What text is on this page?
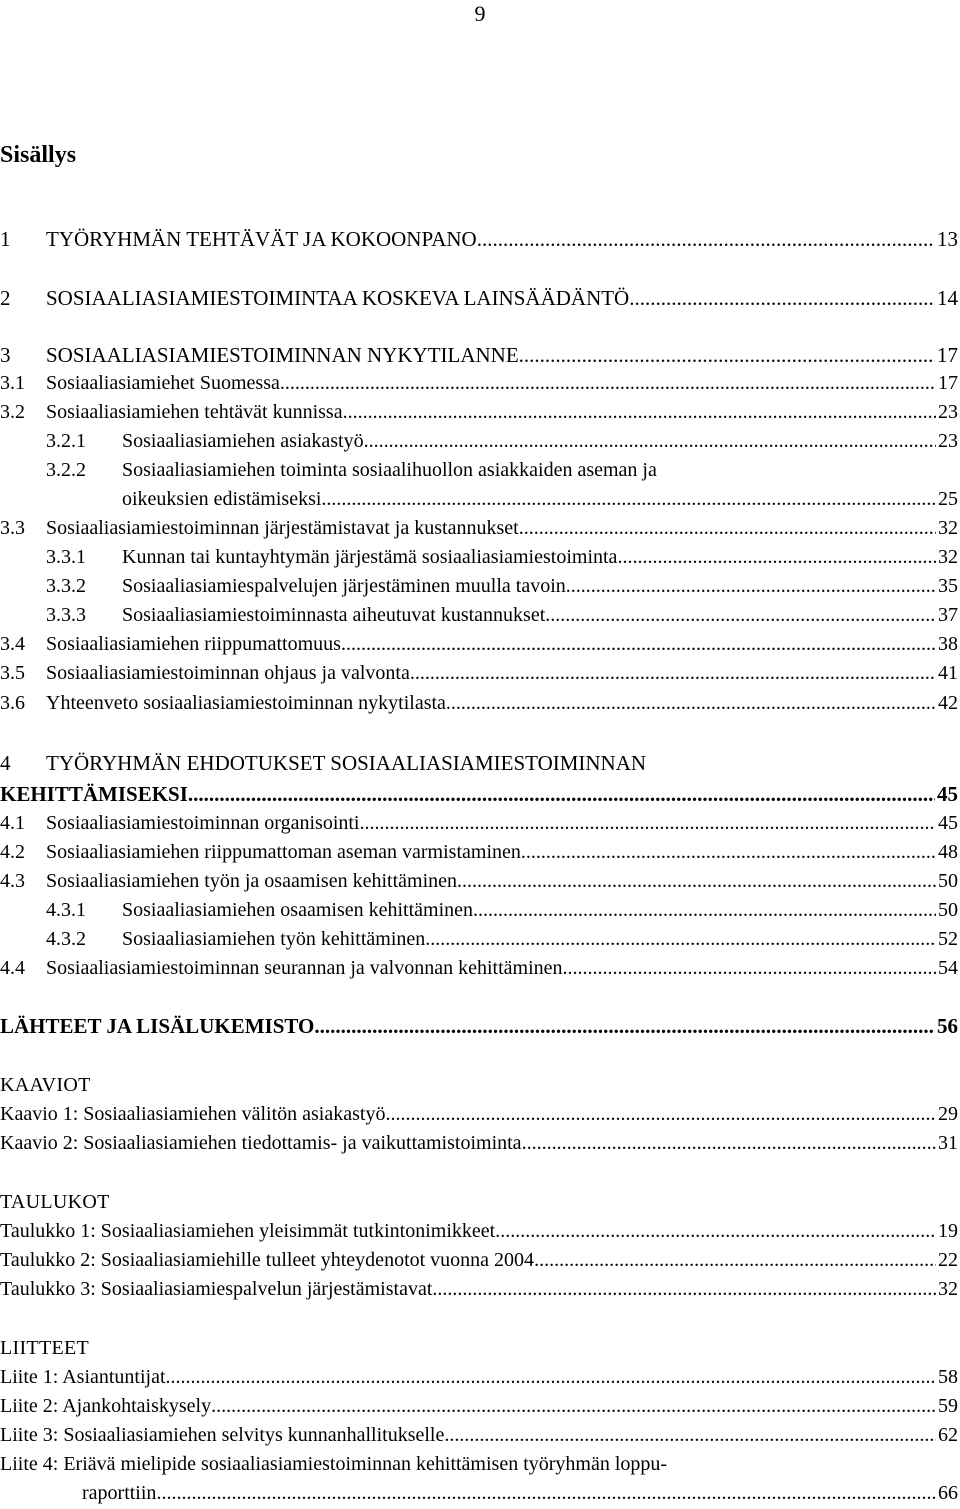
9
Sisällys
1	TYÖRYHMÄN TEHTÄVÄT JA KOKOONPANO .....	13
2	SOSIAALIASIAMIESTOIMINTAA KOSKEVA LAINSÄÄDÄNTÖ .....	14
3	SOSIAALIASIAMIESTOIMINNAN NYKYTILANNE .....	17
3.1	Sosiaaliasiamiehet Suomessa .....	17
3.2	Sosiaaliasiamiehen tehtävät kunnissa .....	23
3.2.1	Sosiaaliasiamiehen asiakastyö .....	23
3.2.2 Sosiaaliasiamiehen toiminta sosiaalihuollon asiakkaiden aseman ja
oikeuksien edistämiseksi .....	25
3.3	Sosiaaliasiamiestoiminnan järjestämistavat ja kustannukset .....	32
3.3.1	Kunnan tai kuntayhtymän järjestämä sosiaaliasiamiestoiminta .....	32
3.3.2	Sosiaaliasiamiespalvelujen järjestäminen muulla tavoin .....	35
3.3.3	Sosiaaliasiamiestoiminnasta aiheutuvat kustannukset .....	37
3.4	Sosiaaliasiamiehen riippumattomuus .....	38
3.5	Sosiaaliasiamiestoiminnan ohjaus ja valvonta .....	41
3.6	Yhteenveto sosiaaliasiamiestoiminnan nykytilasta .....	42
4 TYÖRYHMÄN EHDOTUKSET SOSIAALIASIAMIESTOIMINNAN
KEHITTÄMISEKSI .....	45
4.1	Sosiaaliasiamiestoiminnan organisointi .....	45
4.2	Sosiaaliasiamiehen riippumattoman aseman varmistaminen .....	48
4.3	Sosiaaliasiamiehen työn ja osaamisen kehittäminen .....	50
4.3.1	Sosiaaliasiamiehen osaamisen kehittäminen .....	50
4.3.2	Sosiaaliasiamiehen työn kehittäminen .....	52
4.4	Sosiaaliasiamiestoiminnan seurannan ja valvonnan kehittäminen .....	54
LÄHTEET JA LISÄLUKEMISTO .....	56
KAAVIOT
Kaavio 1: Sosiaaliasiamiehen välitön asiakastyö .....	29
Kaavio 2: Sosiaaliasiamiehen tiedottamis- ja vaikuttamistoiminta .....	31
TAULUKOT
Taulukko 1: Sosiaaliasiamiehen yleisimmät tutkintonimikkeet .....	19
Taulukko 2: Sosiaaliasiamiehille tulleet yhteydenotot vuonna 2004 .....	22
Taulukko 3: Sosiaaliasiamiespalvelun järjestämistavat .....	32
LIITTEET
Liite 1: Asiantuntijat .....	58
Liite 2: Ajankohtaiskysely .....	59
Liite 3: Sosiaaliasiamiehen selvitys kunnanhallitukselle .....	62
Liite 4: Eriävä mielipide sosiaaliasiamiestoiminnan kehittämisen työryhmän loppu-
raporttiin .....	66
